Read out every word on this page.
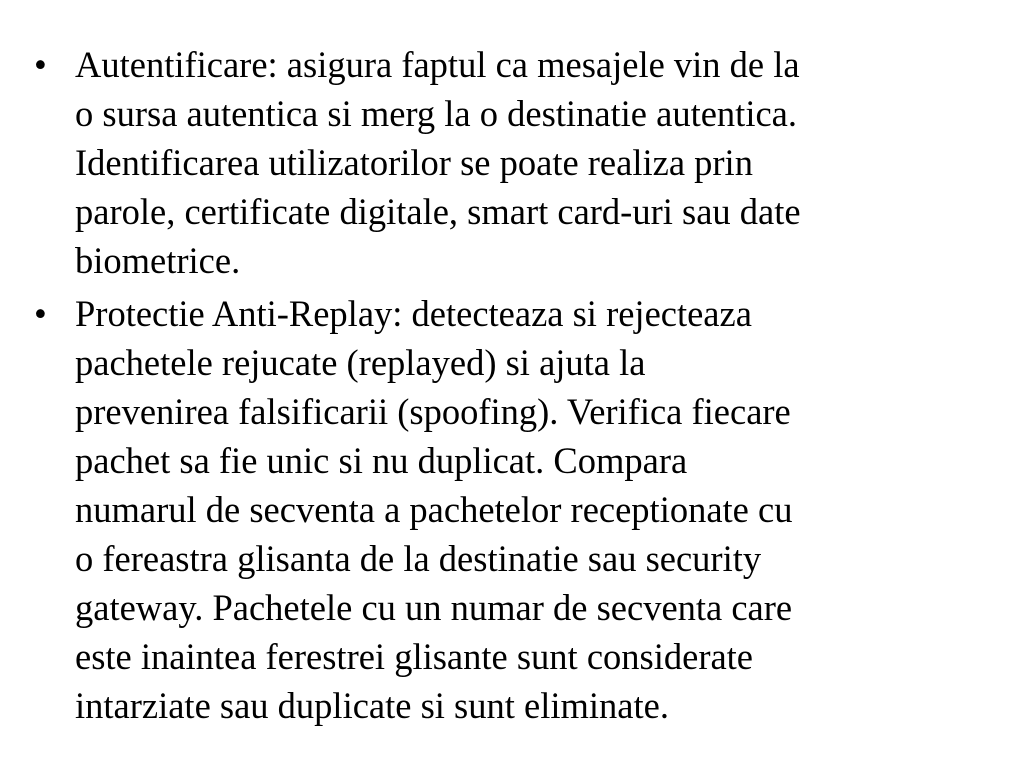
• Autentificare: asigura faptul ca mesajele vin de la
o sursa autentica si merg la o destinatie autentica.
Identificarea utilizatorilor se poate realiza prin
parole, certificate digitale, smart card-uri sau date
biometrice.
• Protectie Anti-Replay: detecteaza si rejecteaza
pachetele rejucate (replayed) si ajuta la
prevenirea falsificarii (spoofing). Verifica fiecare
pachet sa fie unic si nu duplicat. Compara
numarul de secventa a pachetelor receptionate cu
o fereastra glisanta de la destinatie sau security
gateway. Pachetele cu un numar de secventa care
este inaintea ferestrei glisante sunt considerate
intarziate sau duplicate si sunt eliminate.
